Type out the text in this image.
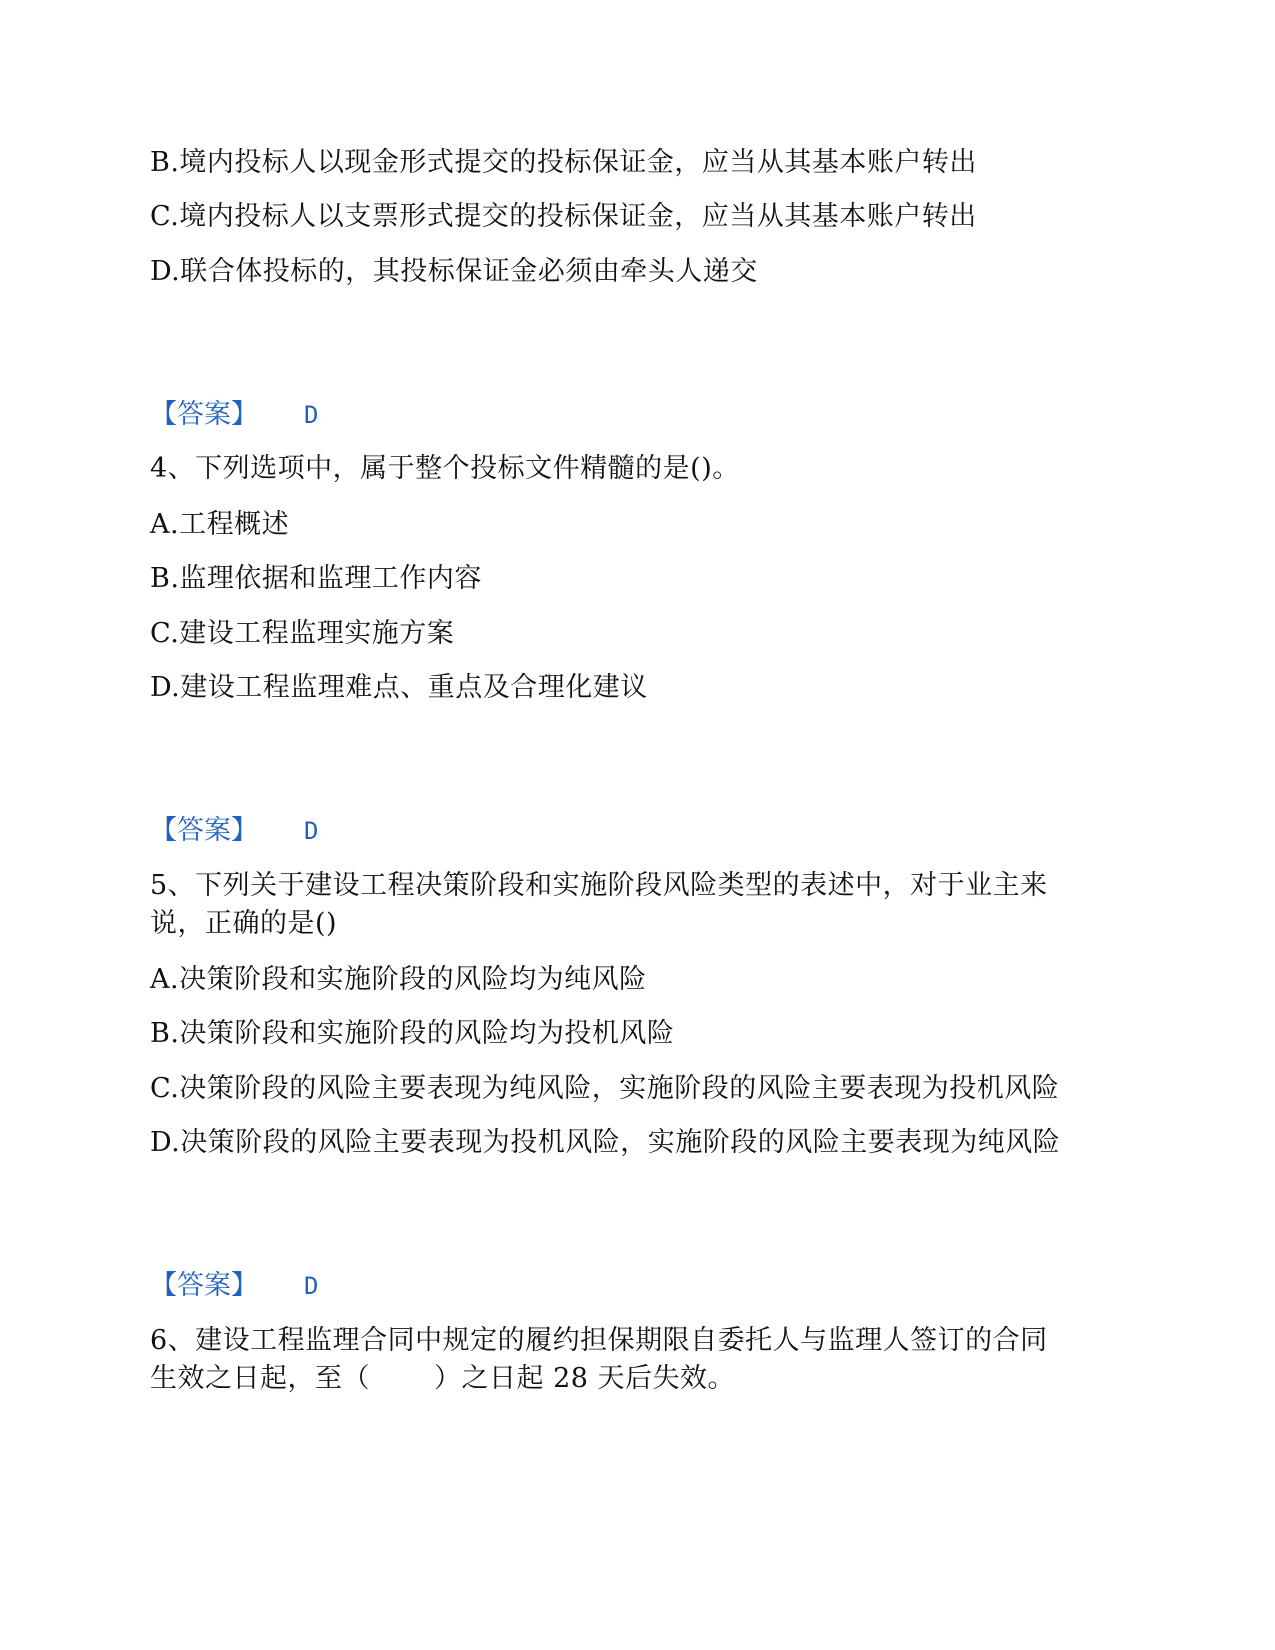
B.境内投标人以现金形式提交的投标保证金，应当从其基本账户转出
C.境内投标人以支票形式提交的投标保证金，应当从其基本账户转出
D.联合体投标的，其投标保证金必须由牵头人递交
【答案】 D
4、下列选项中，属于整个投标文件精髓的是()。
A.工程概述
B.监理依据和监理工作内容
C.建设工程监理实施方案
D.建设工程监理难点、重点及合理化建议
【答案】 D
5、下列关于建设工程决策阶段和实施阶段风险类型的表述中，对于业主来
说，正确的是()
A.决策阶段和实施阶段的风险均为纯风险
B.决策阶段和实施阶段的风险均为投机风险
C.决策阶段的风险主要表现为纯风险，实施阶段的风险主要表现为投机风险
D.决策阶段的风险主要表现为投机风险，实施阶段的风险主要表现为纯风险
【答案】 D
6、建设工程监理合同中规定的履约担保期限自委托人与监理人签订的合同
生效之日起，至（ ）之日起 28 天后失效。
